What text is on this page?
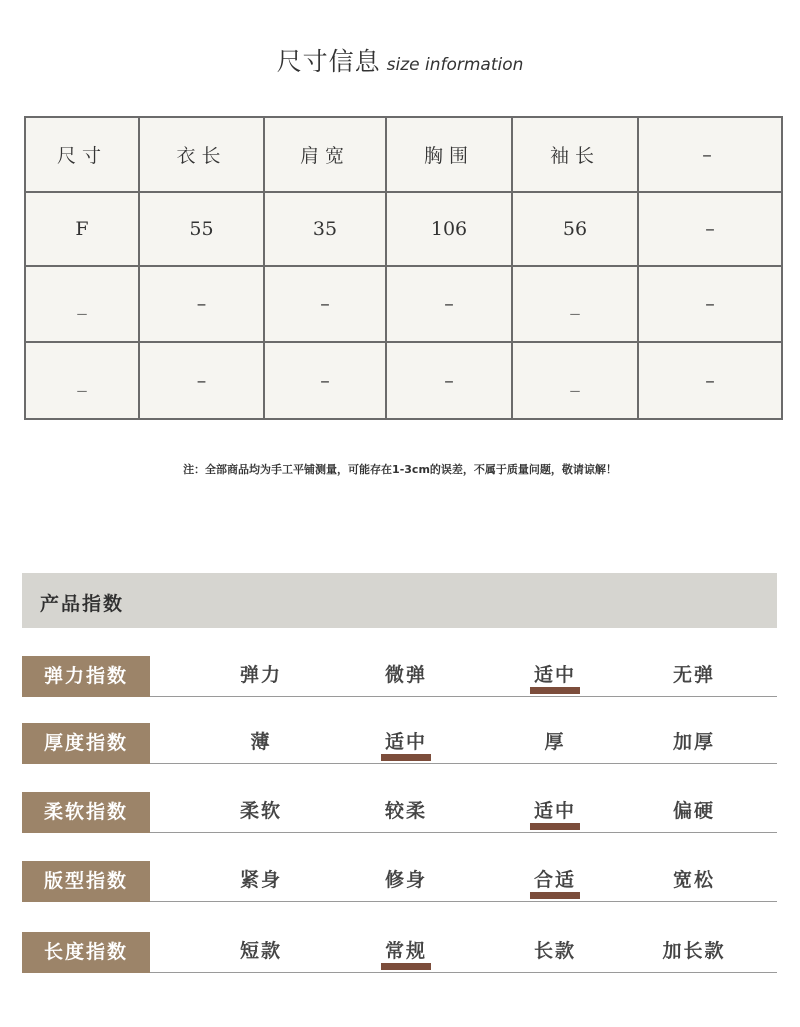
尺寸信息 size information
尺寸	衣长	肩宽	胸围	袖长	–
F	55	35	106	56	–
_	–	–	–	_	–
_	–	–	–	_	–
注：全部商品均为手工平铺测量，可能存在1-3cm的误差，不属于质量问题，敬请谅解！
产品指数
弹力指数	弹力	微弹	适中	无弹
厚度指数	薄	适中	厚	加厚
柔软指数	柔软	较柔	适中	偏硬
版型指数	紧身	修身	合适	宽松
长度指数	短款	常规	长款	加长款
